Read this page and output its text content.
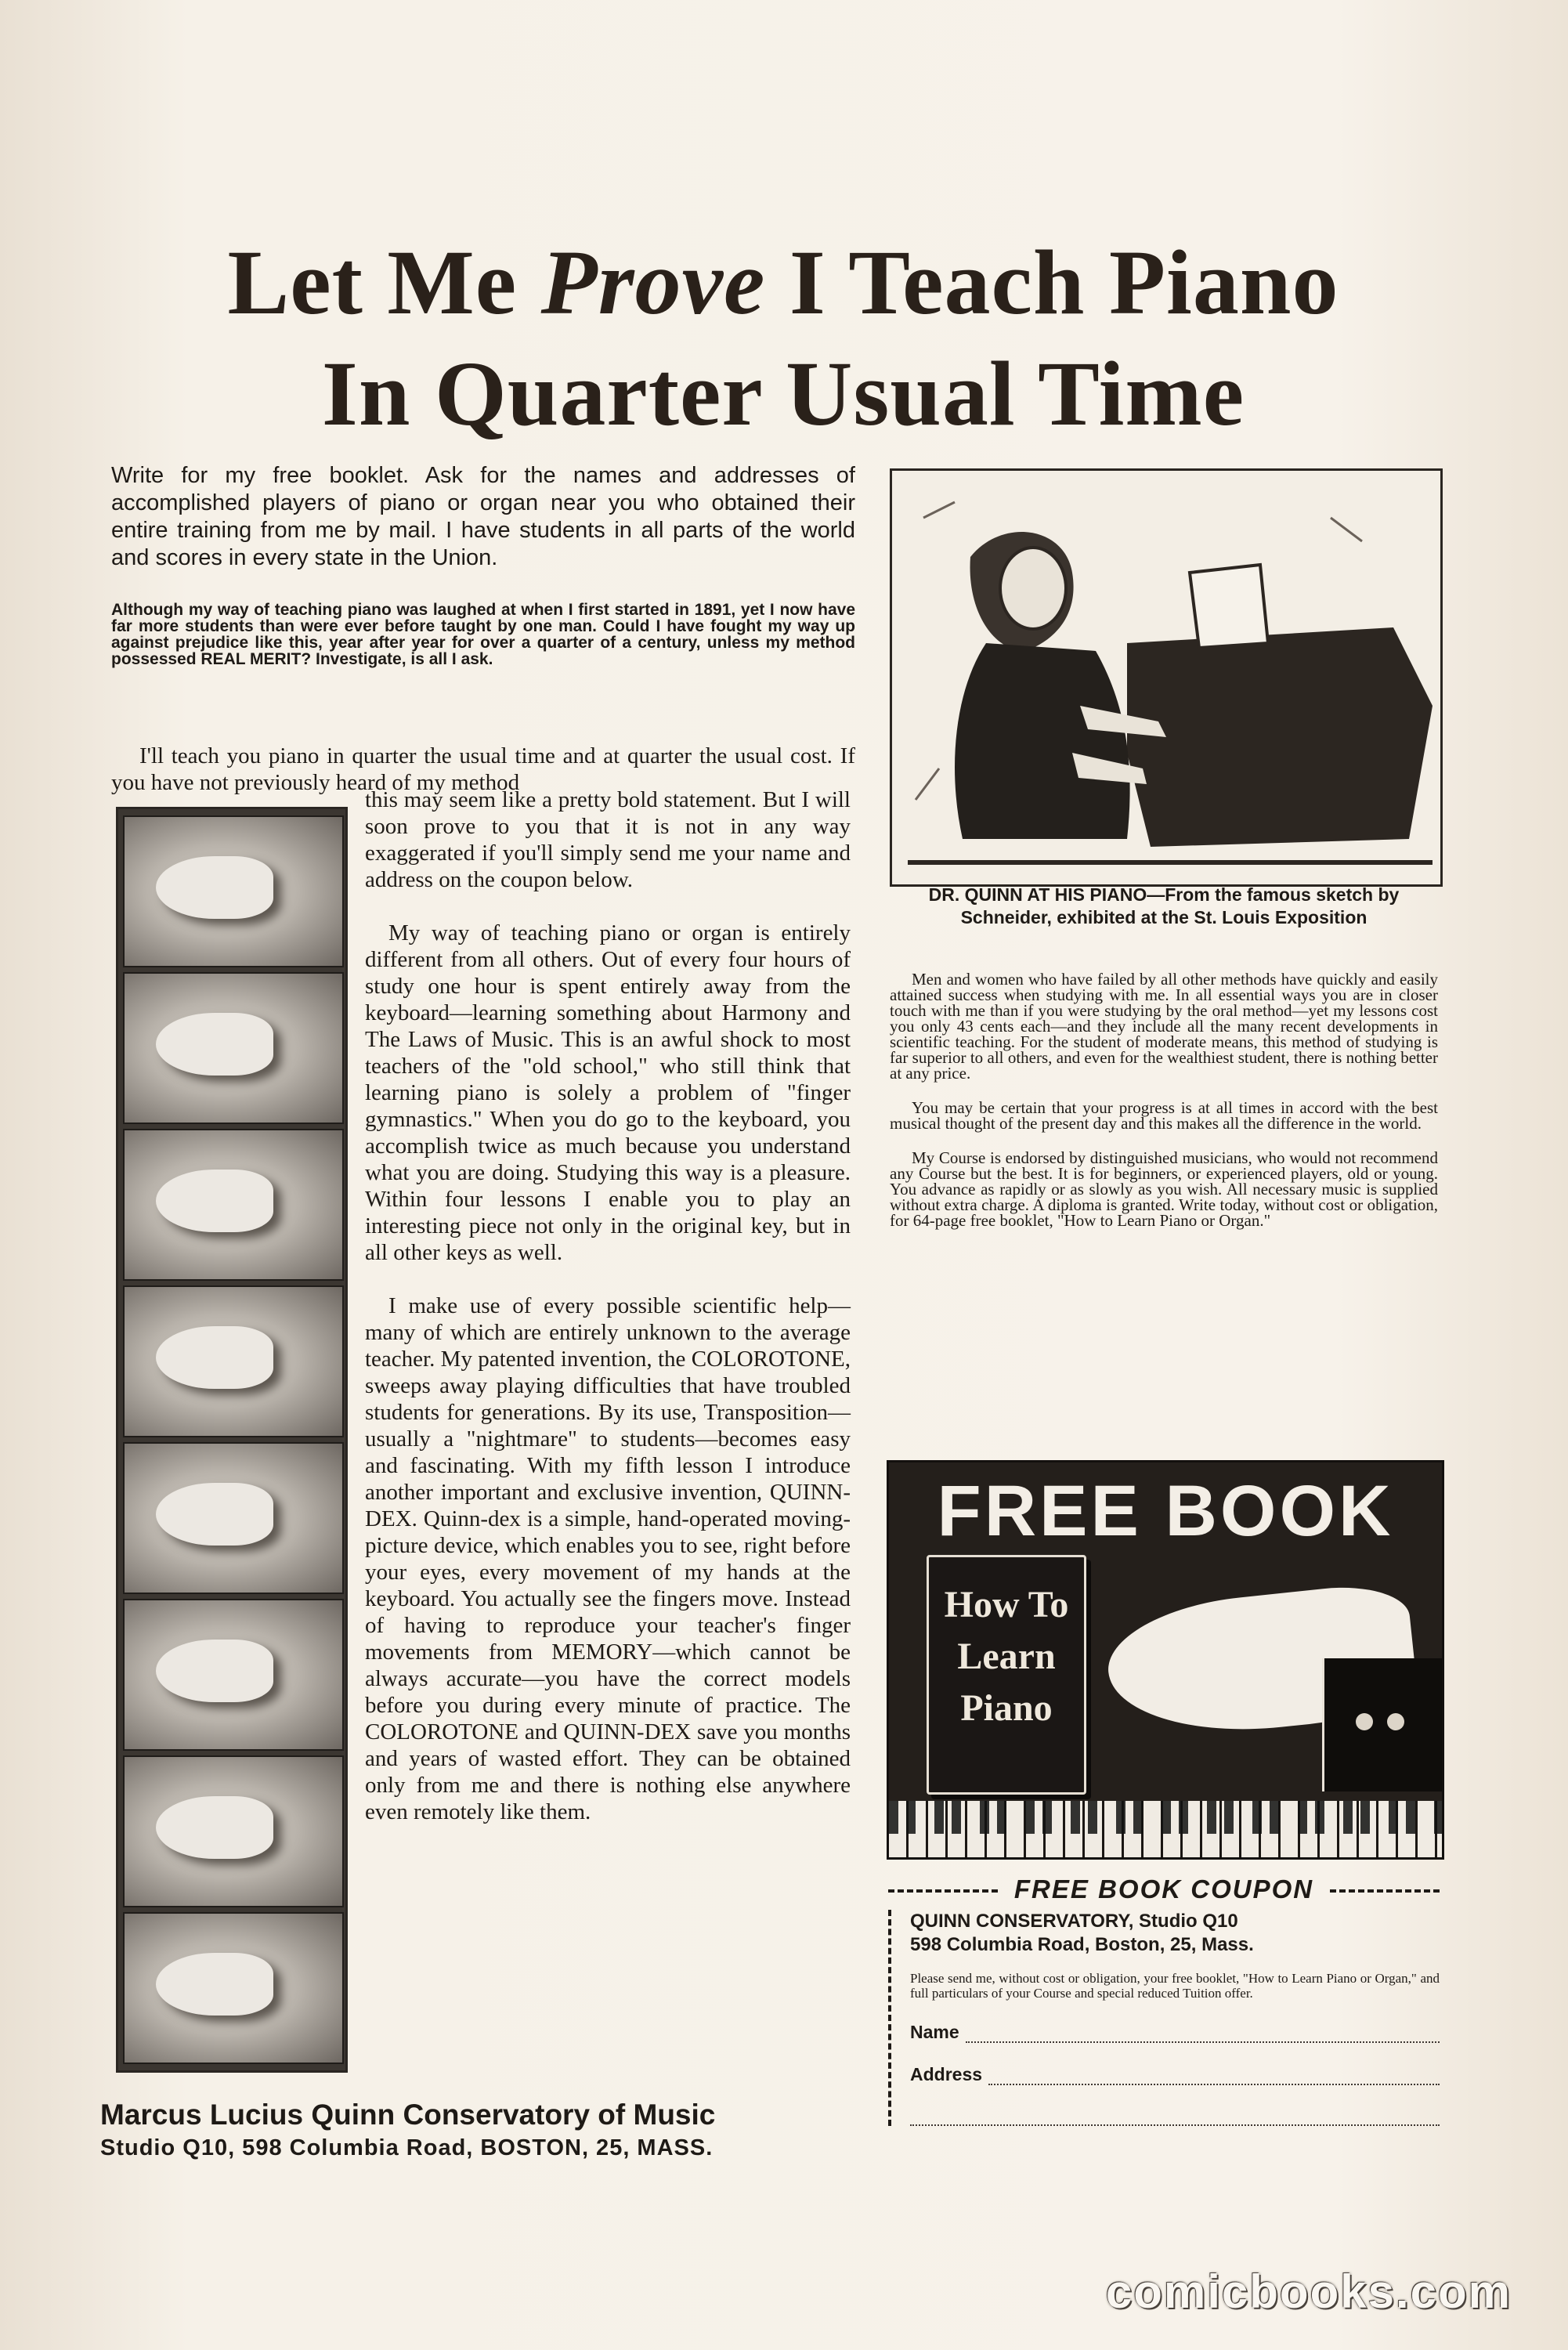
Let Me Prove I Teach Piano
In Quarter Usual Time

Write for my free booklet. Ask for the names and addresses of accomplished players of piano or organ near you who obtained their entire training from me by mail. I have students in all parts of the world and scores in every state in the Union.

Although my way of teaching piano was laughed at when I first started in 1891, yet I now have far more students than were ever before taught by one man. Could I have fought my way up against prejudice like this, year after year for over a quarter of a century, unless my method possessed REAL MERIT? Investigate, is all I ask.

I'll teach you piano in quarter the usual time and at quarter the usual cost. If you have not previously heard of my method

this may seem like a pretty bold statement. But I will soon prove to you that it is not in any way exaggerated if you'll simply send me your name and address on the coupon below.

My way of teaching piano or organ is entirely different from all others. Out of every four hours of study one hour is spent entirely away from the keyboard—learning something about Harmony and The Laws of Music. This is an awful shock to most teachers of the "old school," who still think that learning piano is solely a problem of "finger gymnastics." When you do go to the keyboard, you accomplish twice as much because you understand what you are doing. Studying this way is a pleasure. Within four lessons I enable you to play an interesting piece not only in the original key, but in all other keys as well.

I make use of every possible scientific help—many of which are entirely unknown to the average teacher. My patented invention, the COLOROTONE, sweeps away playing difficulties that have troubled students for generations. By its use, Transposition—usually a "nightmare" to students—becomes easy and fascinating. With my fifth lesson I introduce another important and exclusive invention, QUINN-DEX. Quinn-dex is a simple, hand-operated moving-picture device, which enables you to see, right before your eyes, every movement of my hands at the keyboard. You actually see the fingers move. Instead of having to reproduce your teacher's finger movements from MEMORY—which cannot be always accurate—you have the correct models before you during every minute of practice. The COLOROTONE and QUINN-DEX save you months and years of wasted effort. They can be obtained only from me and there is nothing else anywhere even remotely like them.

Marcus Lucius Quinn Conservatory of Music
Studio Q10, 598 Columbia Road, BOSTON, 25, MASS.
DR. QUINN AT HIS PIANO—From the famous sketch by Schneider, exhibited at the St. Louis Exposition

Men and women who have failed by all other methods have quickly and easily attained success when studying with me. In all essential ways you are in closer touch with me than if you were studying by the oral method—yet my lessons cost you only 43 cents each—and they include all the many recent developments in scientific teaching. For the student of moderate means, this method of studying is far superior to all others, and even for the wealthiest student, there is nothing better at any price.

You may be certain that your progress is at all times in accord with the best musical thought of the present day and this makes all the difference in the world.

My Course is endorsed by distinguished musicians, who would not recommend any Course but the best. It is for beginners, or experienced players, old or young. You advance as rapidly or as slowly as you wish. All necessary music is supplied without extra charge. A diploma is granted. Write today, without cost or obligation, for 64-page free booklet, "How to Learn Piano or Organ."

FREE BOOK
How To
Learn
Piano
FREE BOOK COUPON
QUINN CONSERVATORY, Studio Q10
598 Columbia Road, Boston, 25, Mass.
Please send me, without cost or obligation, your free booklet, "How to Learn Piano or Organ," and full particulars of your Course and special reduced Tuition offer.
Name
Address
comicbooks.com
